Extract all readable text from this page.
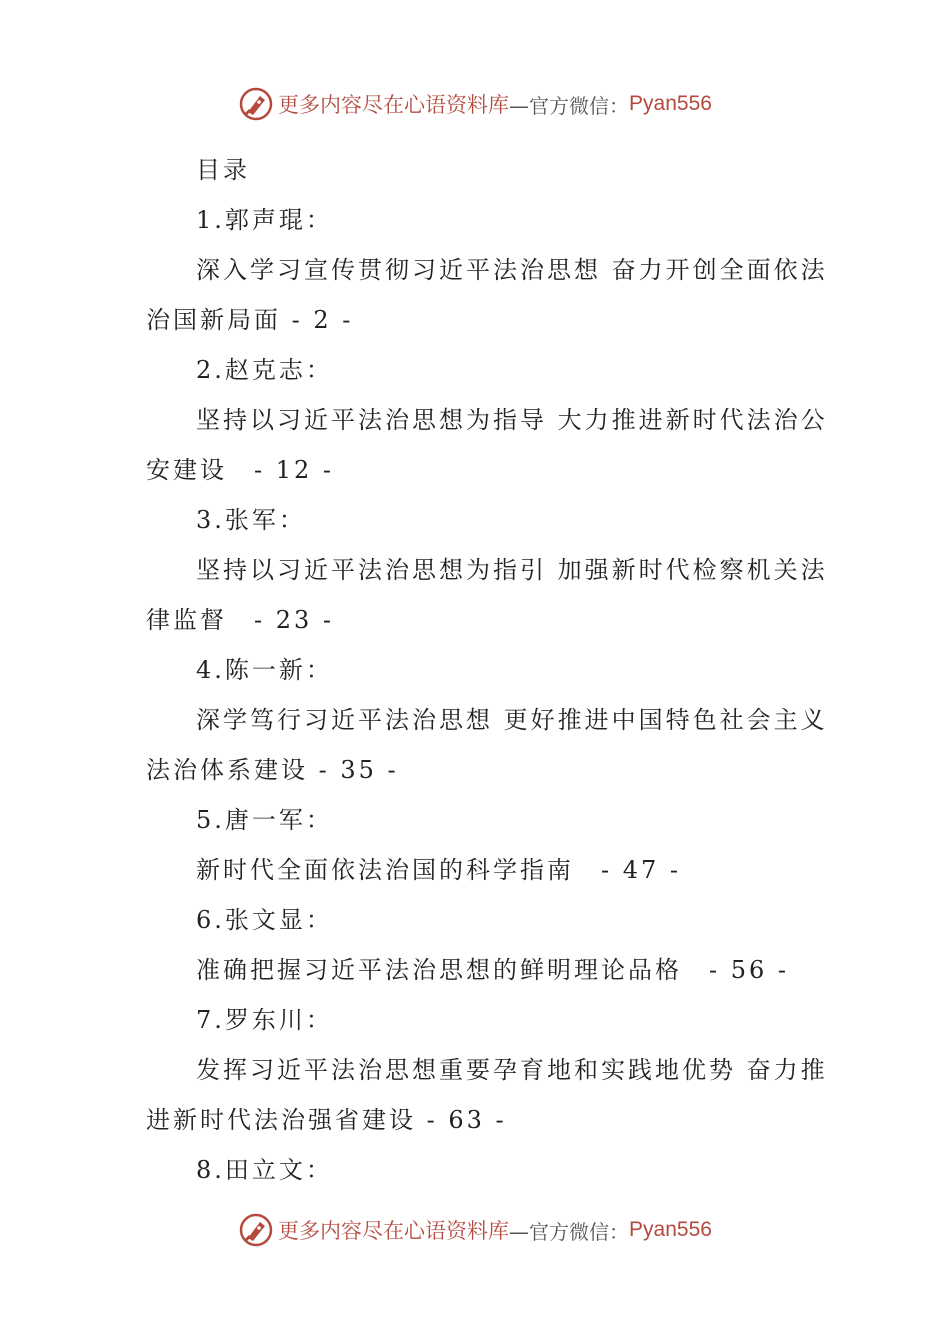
更多内容尽在心语资料库 —官方微信： Pyan556
目录
1.郭声琨：
深入学习宣传贯彻习近平法治思想 奋力开创全面依法
治国新局面 - 2 -
2.赵克志：
坚持以习近平法治思想为指导 大力推进新时代法治公
安建设　- 12 -
3.张军：
坚持以习近平法治思想为指引 加强新时代检察机关法
律监督　- 23 -
4.陈一新：
深学笃行习近平法治思想 更好推进中国特色社会主义
法治体系建设 - 35 -
5.唐一军：
新时代全面依法治国的科学指南　- 47 -
6.张文显：
准确把握习近平法治思想的鲜明理论品格　- 56 -
7.罗东川：
发挥习近平法治思想重要孕育地和实践地优势 奋力推
进新时代法治强省建设 - 63 -
8.田立文：
更多内容尽在心语资料库 —官方微信： Pyan556
